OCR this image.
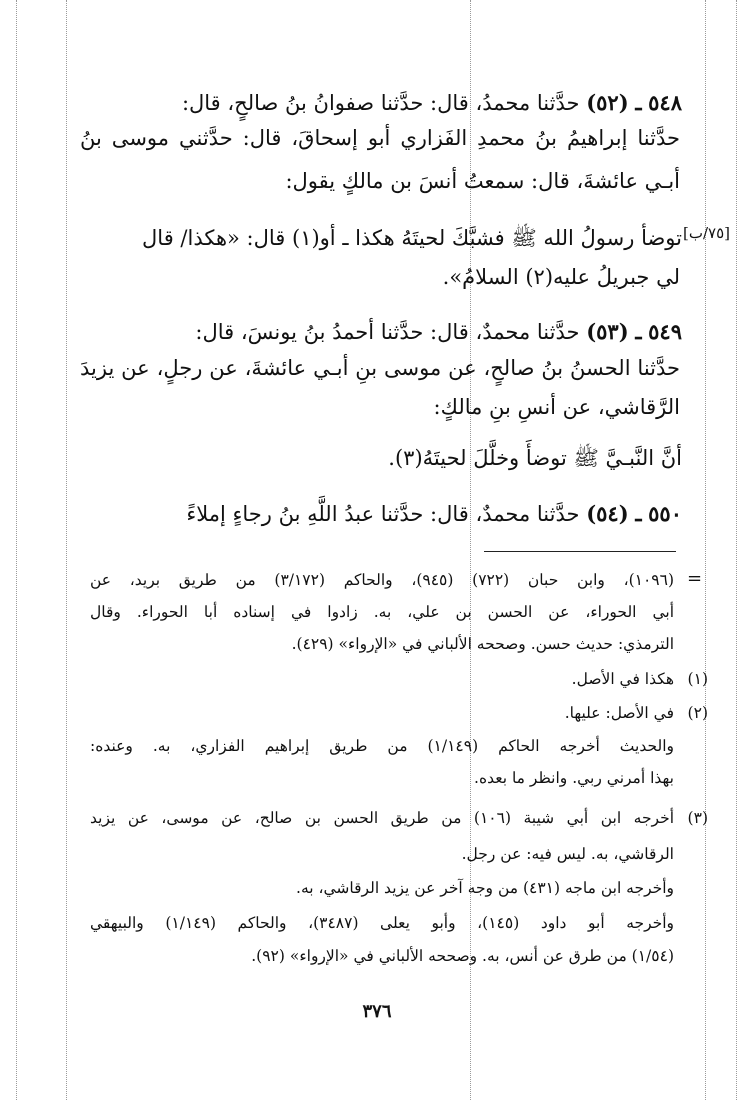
٥٤٨ ـ (٥٢) حدَّثنا محمدُ، قال: حدَّثنا صفوانُ بنُ صالحٍ، قال:

حدَّثنا إبراهيمُ بنُ محمدِ الفَزاري أبو إسحاقَ، قال: حدَّثني موسى بنُ

أبـي عائشةَ، قال: سمعتُ أنسَ بن مالكٍ يقول:

توضأ رسولُ الله ﷺ فشبَّكَ لحيتَهُ هكذا ـ أو(١) قال: «هكذا/ قال

لي جبريلُ عليه(٢) السلامُ».

[٧٥/ب]

٥٤٩ ـ (٥٣) حدَّثنا محمدٌ، قال: حدَّثنا أحمدُ بنُ يونسَ، قال:

حدَّثنا الحسنُ بنُ صالحٍ، عن موسى بنِ أبـي عائشةَ، عن رجلٍ، عن يزيدَ

الرَّقاشي، عن أنسِ بنِ مالكٍ:

أنَّ النَّبـيَّ ﷺ توضأَ وخلَّلَ لحيتَهُ(٣).

٥٥٠ ـ (٥٤) حدَّثنا محمدٌ، قال: حدَّثنا عبدُ اللَّهِ بنُ رجاءٍ إملاءً

=

(١٠٩٦)، وابن حبان (٧٢٢) (٩٤٥)، والحاكم (٣/١٧٢) من طريق بريد، عن

أبي الحوراء، عن الحسن بن علي، به. زادوا في إسناده أبا الحوراء. وقال

الترمذي: حديث حسن. وصححه الألباني في «الإرواء» (٤٢٩).

(١)

هكذا في الأصل.

(٢)

في الأصل: عليها.

والحديث أخرجه الحاكم (١/١٤٩) من طريق إبراهيم الفزاري، به. وعنده:

بهذا أمرني ربي. وانظر ما بعده.

(٣)

أخرجه ابن أبي شيبة (١٠٦) من طريق الحسن بن صالح، عن موسى، عن يزيد

الرقاشي، به. ليس فيه: عن رجل.

وأخرجه ابن ماجه (٤٣١) من وجه آخر عن يزيد الرقاشي، به.

وأخرجه أبو داود (١٤٥)، وأبو يعلى (٣٤٨٧)، والحاكم (١/١٤٩) والبيهقي

(١/٥٤) من طرق عن أنس، به. وصححه الألباني في «الإرواء» (٩٢).

٣٧٦
